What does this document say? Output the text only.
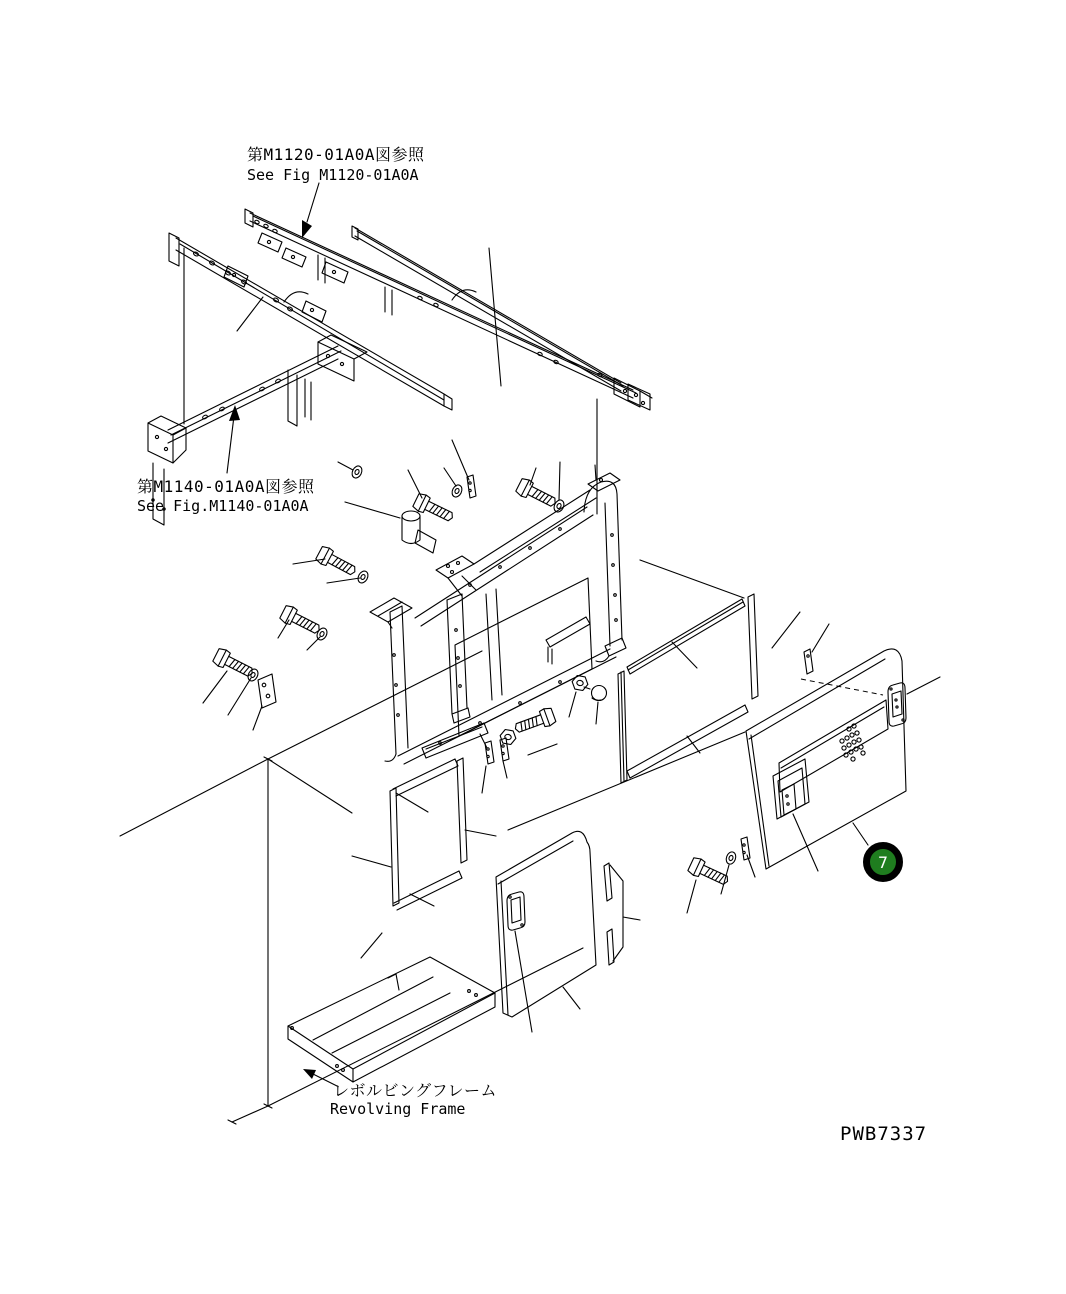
第M1120-01A0A図参照
See Fig M1120-01A0A
第M1140-01A0A図参照
See Fig.M1140-01A0A
レボルビングフレーム
Revolving Frame
7
PWB7337
